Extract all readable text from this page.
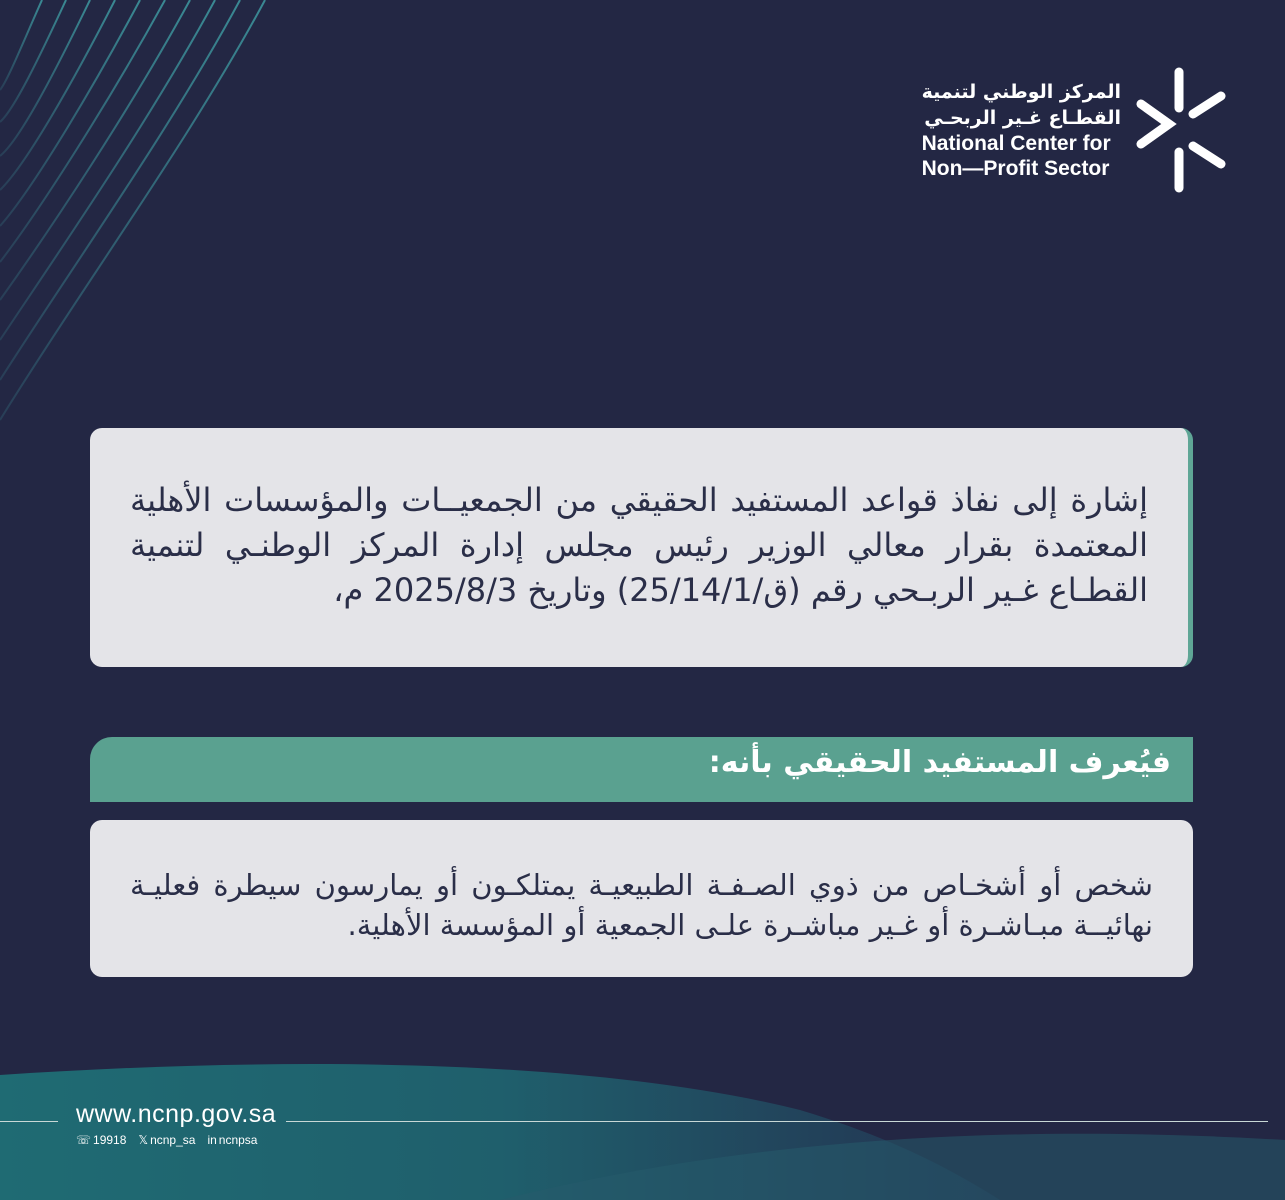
المركز الوطني لتنمية
القطـاع غـير الربحـي
National Center for
Non—Profit Sector

إشارة إلى نفاذ قواعد المستفيد الحقيقي من الجمعيــات والمؤسسات الأهلية المعتمدة بقرار معالي الوزير رئيس مجلس إدارة المركز الوطنـي لتنمية القطـاع غـير الربـحي رقم (ق/25/14/1) وتاريخ 2025/8/3 م،

فيُعرف المستفيد الحقيقي بأنه:

شخص أو أشخـاص من ذوي الصـفـة الطبيعيـة يمتلكـون أو يمارسون سيطرة فعليـة نهائيــة مبـاشـرة أو غـير مباشـرة علـى الجمعية أو المؤسسة الأهلية.

www.ncnp.gov.sa
☏ 19918 𝕏 ncnp_sa in ncnpsa
